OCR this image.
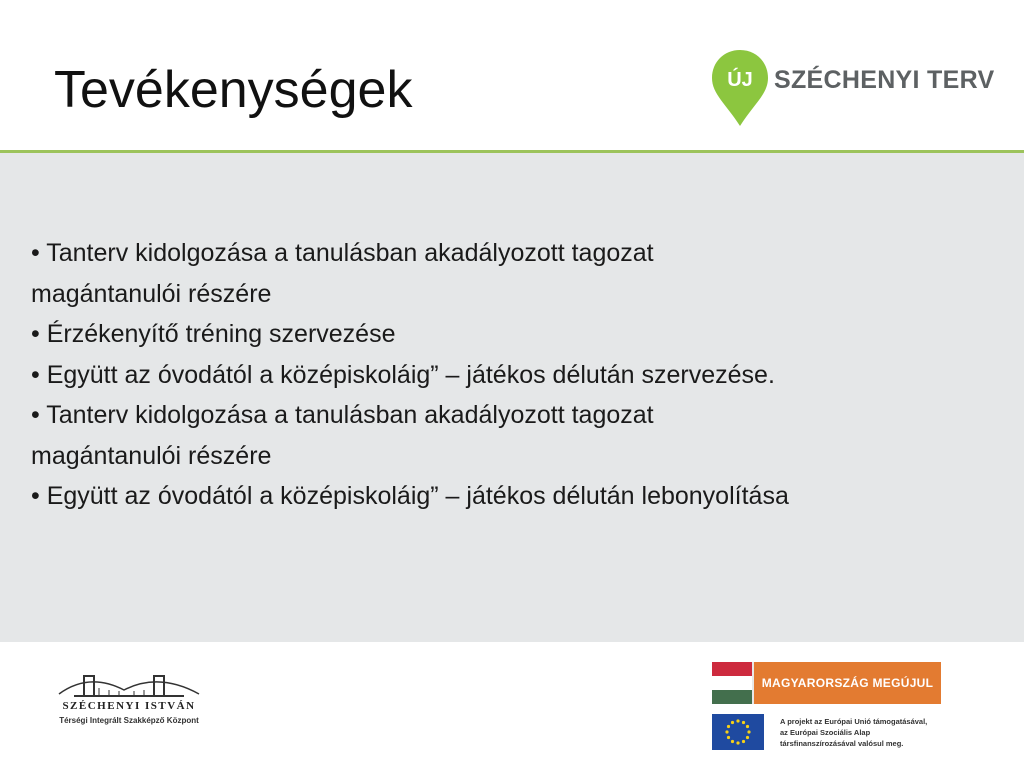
Tevékenységek	ÚJ SZÉCHENYI TERV
• Tanterv kidolgozása a tanulásban akadályozott tagozat
magántanulói részére
• Érzékenyítő tréning szervezése
• Együtt az óvodától a középiskoláig” – játékos délután szervezése.
• Tanterv kidolgozása a tanulásban akadályozott tagozat
magántanulói részére
• Együtt az óvodától a középiskoláig” – játékos délután lebonyolítása
SZÉCHENYI ISTVÁN
Térségi Integrált Szakképző Központ
MAGYARORSZÁG MEGÚJUL
A projekt az Európai Unió támogatásával,
az Európai Szociális Alap
társfinanszírozásával valósul meg.
